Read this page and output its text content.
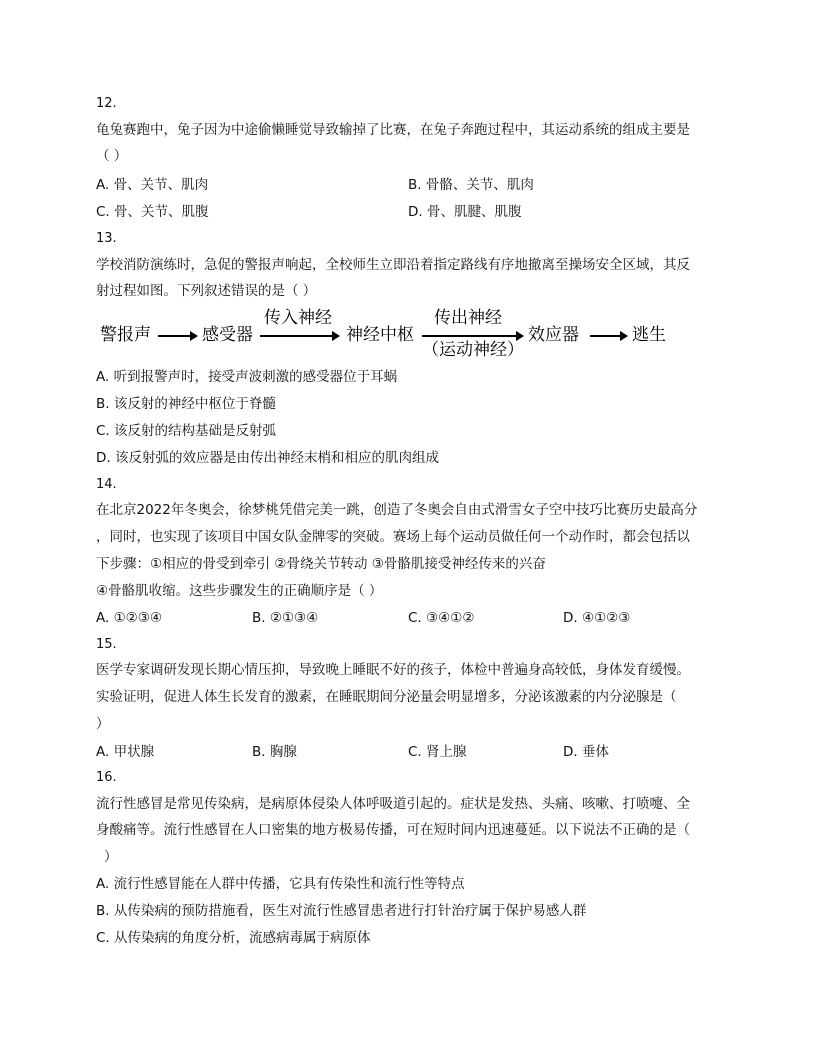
12.
龟兔赛跑中，兔子因为中途偷懒睡觉导致输掉了比赛，在兔子奔跑过程中，其运动系统的组成主要是
（ ）
A. 骨、关节、肌肉	B. 骨骼、关节、肌肉
C. 骨、关节、肌腹	D. 骨、肌腱、肌腹
13.
学校消防演练时，急促的警报声响起，全校师生立即沿着指定路线有序地撤离至操场安全区域，其反
射过程如图。下列叙述错误的是（ ）
警报声	感受器
传入神经
神经中枢
传出神经
（运动神经）
效应器	逃生
A. 听到报警声时，接受声波刺激的感受器位于耳蜗
B. 该反射的神经中枢位于脊髓
C. 该反射的结构基础是反射弧
D. 该反射弧的效应器是由传出神经末梢和相应的肌肉组成
14.
在北京2022年冬奥会，徐梦桃凭借完美一跳，创造了冬奥会自由式滑雪女子空中技巧比赛历史最高分
，同时，也实现了该项目中国女队金牌零的突破。赛场上每个运动员做任何一个动作时，都会包括以
下步骤：①相应的骨受到牵引 ②骨绕关节转动 ③骨骼肌接受神经传来的兴奋
④骨骼肌收缩。这些步骤发生的正确顺序是（ ）
A. ①②③④	B. ②①③④	C. ③④①②	D. ④①②③
15.
医学专家调研发现长期心情压抑，导致晚上睡眠不好的孩子，体检中普遍身高较低，身体发育缓慢。
实验证明，促进人体生长发育的激素，在睡眠期间分泌量会明显增多，分泌该激素的内分泌腺是（
）
A. 甲状腺	B. 胸腺	C. 肾上腺	D. 垂体
16.
流行性感冒是常见传染病，是病原体侵染人体呼吸道引起的。症状是发热、头痛、咳嗽、打喷嚏、全
身酸痛等。流行性感冒在人口密集的地方极易传播，可在短时间内迅速蔓延。以下说法不正确的是（
）
A. 流行性感冒能在人群中传播，它具有传染性和流行性等特点
B. 从传染病的预防措施看，医生对流行性感冒患者进行打针治疗属于保护易感人群
C. 从传染病的角度分析，流感病毒属于病原体
